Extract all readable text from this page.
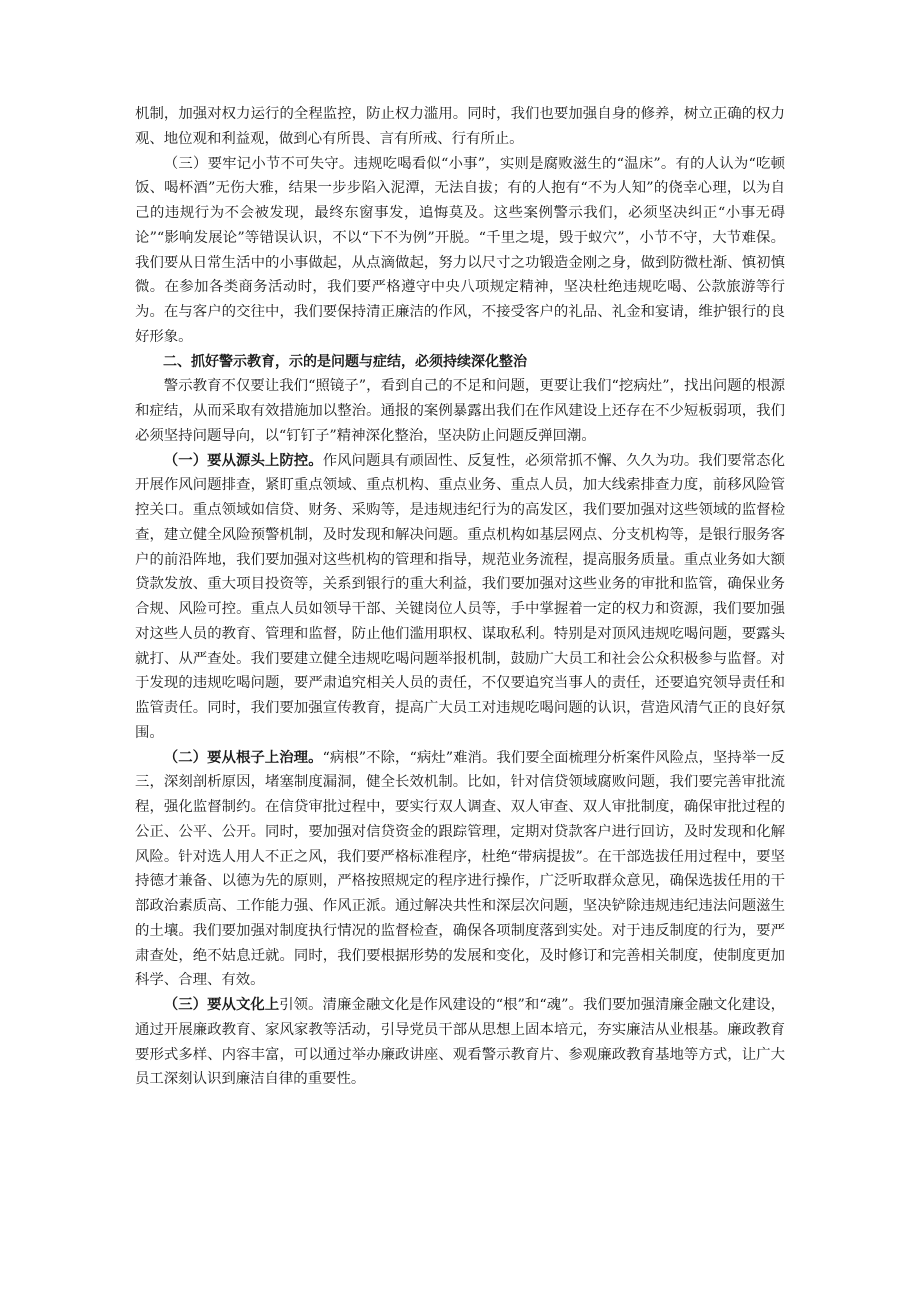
机制，加强对权力运行的全程监控，防止权力滥用。同时，我们也要加强自身的修养，树立正确的权力观、地位观和利益观，做到心有所畏、言有所戒、行有所止。

（三）要牢记小节不可失守。违规吃喝看似“小事”，实则是腐败滋生的“温床”。有的人认为“吃顿饭、喝杯酒”无伤大雅，结果一步步陷入泥潭，无法自拔；有的人抱有“不为人知”的侥幸心理，以为自己的违规行为不会被发现，最终东窗事发，追悔莫及。这些案例警示我们，必须坚决纠正“小事无碍论”“影响发展论”等错误认识，不以“下不为例”开脱。“千里之堤，毁于蚁穴”，小节不守，大节难保。我们要从日常生活中的小事做起，从点滴做起，努力以尺寸之功锻造金刚之身，做到防微杜渐、慎初慎微。在参加各类商务活动时，我们要严格遵守中央八项规定精神，坚决杜绝违规吃喝、公款旅游等行为。在与客户的交往中，我们要保持清正廉洁的作风，不接受客户的礼品、礼金和宴请，维护银行的良好形象。

二、抓好警示教育，示的是问题与症结，必须持续深化整治

警示教育不仅要让我们“照镜子”，看到自己的不足和问题，更要让我们“挖病灶”，找出问题的根源和症结，从而采取有效措施加以整治。通报的案例暴露出我们在作风建设上还存在不少短板弱项，我们必须坚持问题导向，以“钉钉子”精神深化整治，坚决防止问题反弹回潮。

（一）要从源头上防控。作风问题具有顽固性、反复性，必须常抓不懈、久久为功。我们要常态化开展作风问题排查，紧盯重点领域、重点机构、重点业务、重点人员，加大线索排查力度，前移风险管控关口。重点领域如信贷、财务、采购等，是违规违纪行为的高发区，我们要加强对这些领域的监督检查，建立健全风险预警机制，及时发现和解决问题。重点机构如基层网点、分支机构等，是银行服务客户的前沿阵地，我们要加强对这些机构的管理和指导，规范业务流程，提高服务质量。重点业务如大额贷款发放、重大项目投资等，关系到银行的重大利益，我们要加强对这些业务的审批和监管，确保业务合规、风险可控。重点人员如领导干部、关键岗位人员等，手中掌握着一定的权力和资源，我们要加强对这些人员的教育、管理和监督，防止他们滥用职权、谋取私利。特别是对顶风违规吃喝问题，要露头就打、从严查处。我们要建立健全违规吃喝问题举报机制，鼓励广大员工和社会公众积极参与监督。对于发现的违规吃喝问题，要严肃追究相关人员的责任，不仅要追究当事人的责任，还要追究领导责任和监管责任。同时，我们要加强宣传教育，提高广大员工对违规吃喝问题的认识，营造风清气正的良好氛围。

（二）要从根子上治理。“病根”不除，“病灶”难消。我们要全面梳理分析案件风险点，坚持举一反三，深刻剖析原因，堵塞制度漏洞，健全长效机制。比如，针对信贷领域腐败问题，我们要完善审批流程，强化监督制约。在信贷审批过程中，要实行双人调查、双人审查、双人审批制度，确保审批过程的公正、公平、公开。同时，要加强对信贷资金的跟踪管理，定期对贷款客户进行回访，及时发现和化解风险。针对选人用人不正之风，我们要严格标准程序，杜绝“带病提拔”。在干部选拔任用过程中，要坚持德才兼备、以德为先的原则，严格按照规定的程序进行操作，广泛听取群众意见，确保选拔任用的干部政治素质高、工作能力强、作风正派。通过解决共性和深层次问题，坚决铲除违规违纪违法问题滋生的土壤。我们要加强对制度执行情况的监督检查，确保各项制度落到实处。对于违反制度的行为，要严肃查处，绝不姑息迁就。同时，我们要根据形势的发展和变化，及时修订和完善相关制度，使制度更加科学、合理、有效。

（三）要从文化上引领。清廉金融文化是作风建设的“根”和“魂”。我们要加强清廉金融文化建设，通过开展廉政教育、家风家教等活动，引导党员干部从思想上固本培元，夯实廉洁从业根基。廉政教育要形式多样、内容丰富，可以通过举办廉政讲座、观看警示教育片、参观廉政教育基地等方式，让广大员工深刻认识到廉洁自律的重要性。
